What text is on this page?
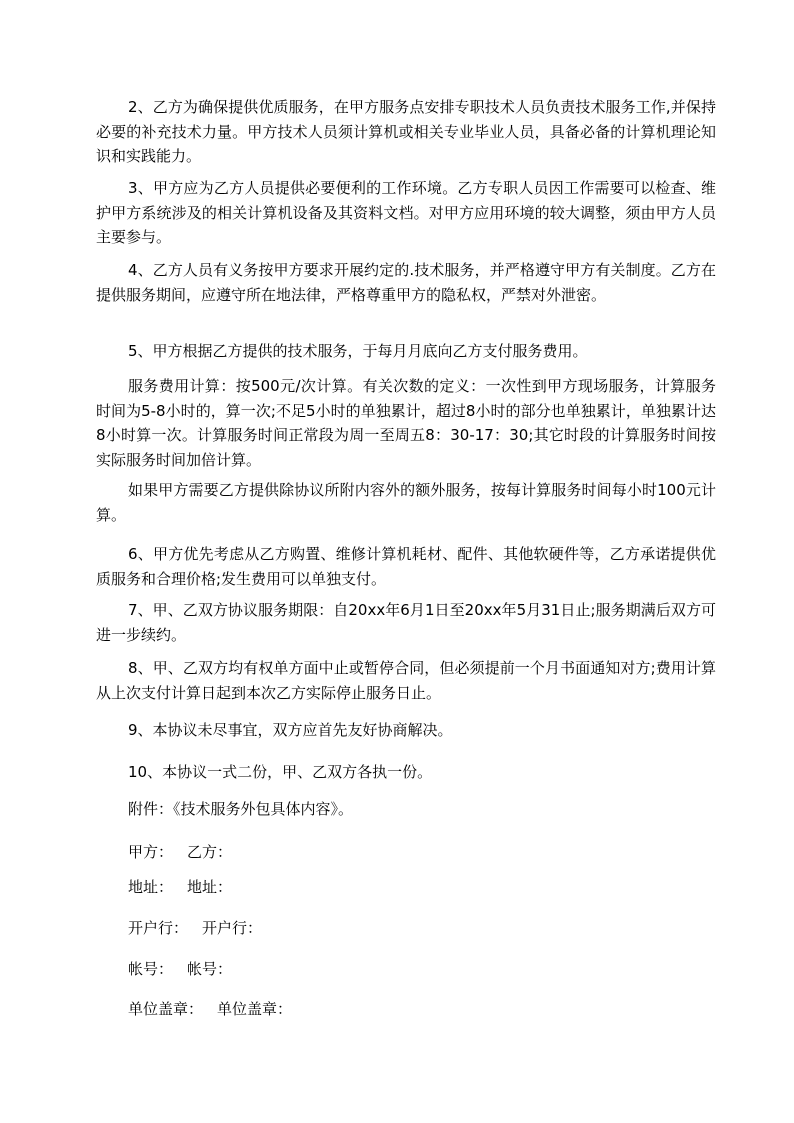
2、乙方为确保提供优质服务，在甲方服务点安排专职技术人员负责技术服务工作,并保持必要的补充技术力量。甲方技术人员须计算机或相关专业毕业人员，具备必备的计算机理论知识和实践能力。

3、甲方应为乙方人员提供必要便利的工作环境。乙方专职人员因工作需要可以检查、维护甲方系统涉及的相关计算机设备及其资料文档。对甲方应用环境的较大调整，须由甲方人员主要参与。

4、乙方人员有义务按甲方要求开展约定的.技术服务，并严格遵守甲方有关制度。乙方在提供服务期间，应遵守所在地法律，严格尊重甲方的隐私权，严禁对外泄密。

5、甲方根据乙方提供的技术服务，于每月月底向乙方支付服务费用。

服务费用计算：按500元/次计算。有关次数的定义：一次性到甲方现场服务，计算服务时间为5-8小时的，算一次;不足5小时的单独累计，超过8小时的部分也单独累计，单独累计达8小时算一次。计算服务时间正常段为周一至周五8：30-17：30;其它时段的计算服务时间按实际服务时间加倍计算。

如果甲方需要乙方提供除协议所附内容外的额外服务，按每计算服务时间每小时100元计算。

6、甲方优先考虑从乙方购置、维修计算机耗材、配件、其他软硬件等，乙方承诺提供优质服务和合理价格;发生费用可以单独支付。

7、甲、乙双方协议服务期限：自20xx年6月1日至20xx年5月31日止;服务期满后双方可进一步续约。

8、甲、乙双方均有权单方面中止或暂停合同，但必须提前一个月书面通知对方;费用计算从上次支付计算日起到本次乙方实际停止服务日止。

9、本协议未尽事宜，双方应首先友好协商解决。

10、本协议一式二份，甲、乙双方各执一份。

附件：《技术服务外包具体内容》。

甲方： 乙方：

地址： 地址：

开户行： 开户行：

帐号： 帐号：

单位盖章： 单位盖章：
